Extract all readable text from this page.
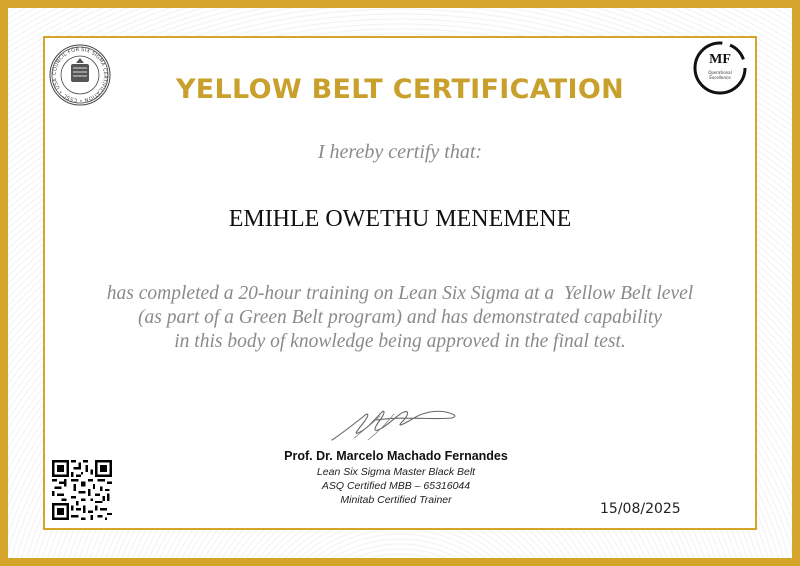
COUNCIL FOR SIX SIGMA CERTIFICATION • CSSC • USA
MF
Operational
Excellence
YELLOW BELT CERTIFICATION
I hereby certify that:
EMIHLE OWETHU MENEMENE
has completed a 20-hour training on Lean Six Sigma at a  Yellow Belt level
(as part of a Green Belt program) and has demonstrated capability
in this body of knowledge being approved in the final test.
Prof. Dr. Marcelo Machado Fernandes
Lean Six Sigma Master Black Belt
ASQ Certified MBB – 65316044
Minitab Certified Trainer
15/08/2025
